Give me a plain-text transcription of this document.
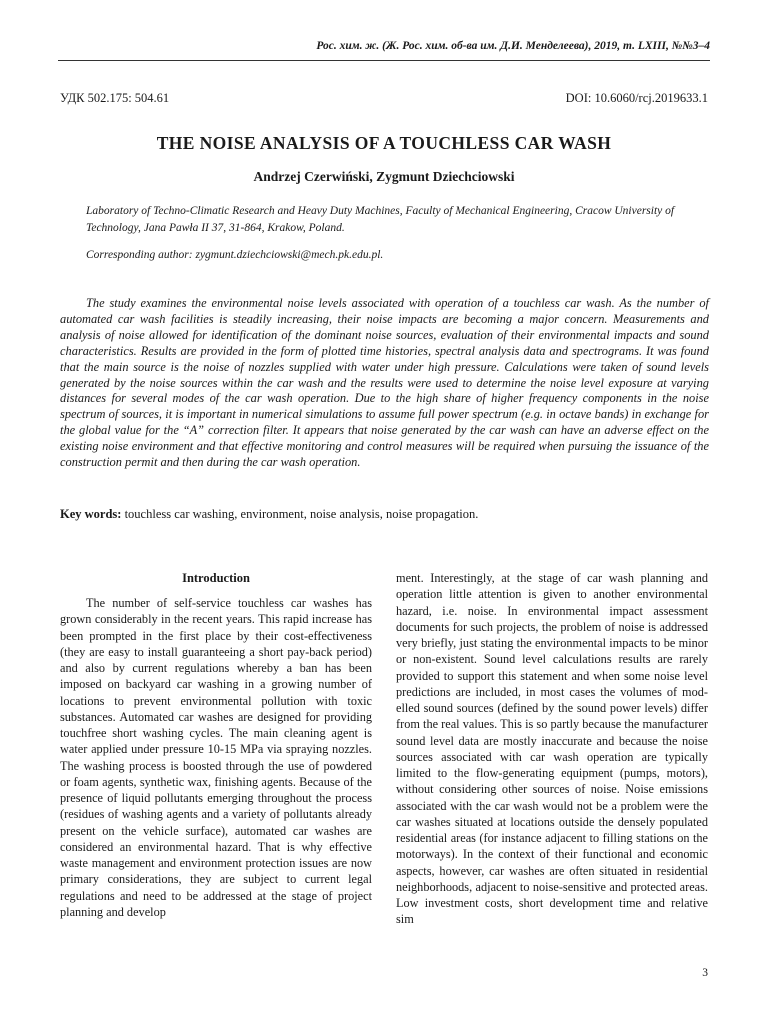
Рос. хим. ж. (Ж. Рос. хим. об-ва им. Д.И. Менделеева), 2019, т. LXIII, №№3–4
УДК 502.175: 504.61	DOI: 10.6060/rcj.2019633.1
THE NOISE ANALYSIS OF A TOUCHLESS CAR WASH
Andrzej Czerwiński, Zygmunt Dziechciowski
Laboratory of Techno-Climatic Research and Heavy Duty Machines, Faculty of Mechanical Engineering, Cracow University of Technology, Jana Pawła II 37, 31-864, Krakow, Poland.
Corresponding author: zygmunt.dziechciowski@mech.pk.edu.pl.

The study examines the environmental noise levels associated with operation of a touchless car wash. As the number of automated car wash facilities is steadily increasing, their noise impacts are becoming a major concern. Measurements and analysis of noise allowed for identification of the dominant noise sources, evaluation of their environmental impacts and sound characteristics. Results are provided in the form of plotted time histories, spectral analysis data and spectrograms. It was found that the main source is the noise of nozzles supplied with water under high pressure. Calculations were taken of sound levels generated by the noise sources within the car wash and the results were used to determine the noise level exposure at varying distances for several modes of the car wash operation. Due to the high share of higher frequency components in the noise spectrum of sources, it is important in numerical simulations to assume full power spectrum (e.g. in octave bands) in exchange for the global value for the “A” correction filter. It appears that noise generated by the car wash can have an adverse effect on the existing noise environment and that effective monitoring and control measures will be required when pursuing the issuance of the construction permit and then during the car wash operation.

Key words: touchless car washing, environment, noise analysis, noise propagation.
Introduction

The number of self-service touchless car washes has grown considerably in the recent years. This rapid increase has been prompted in the first place by their cost-effectiveness (they are easy to install guaranteeing a short pay-back period) and also by current regulations whereby a ban has been imposed on backyard car washing in a growing number of locations to prevent environmental pollution with toxic substances. Automated car washes are designed for providing touchfree short washing cycles. The main cleaning agent is water applied under pressure 10-15 MPa via spraying nozzles. The washing process is boosted through the use of powdered or foam agents, synthetic wax, finishing agents. Because of the presence of liquid pollutants emerging throughout the process (residues of washing agents and a variety of pollutants already present on the vehicle surface), automated car washes are considered an environmental hazard. That is why effective waste management and environment protection issues are now primary considerations, they are subject to current legal regulations and need to be addressed at the stage of project planning and develop

ment. Interestingly, at the stage of car wash planning and operation little attention is given to another environmental hazard, i.e. noise. In environmental impact assessment documents for such projects, the problem of noise is addressed very briefly, just stating the environmental impacts to be minor or non-existent. Sound level calculations results are rarely provided to support this statement and when some noise level predictions are included, in most cases the volumes of modelled sound sources (defined by the sound power levels) differ from the real values. This is so partly because the manufacturer sound level data are mostly inaccurate and because the noise sources associated with car wash operation are typically limited to the flow-generating equipment (pumps, motors), without considering other sources of noise. Noise emissions associated with the car wash would not be a problem were the car washes situated at locations outside the densely populated residential areas (for instance adjacent to filling stations on the motorways). In the context of their functional and economic aspects, however, car washes are often situated in residential neighborhoods, adjacent to noise-sensitive and protected areas. Low investment costs, short development time and relative sim

3
